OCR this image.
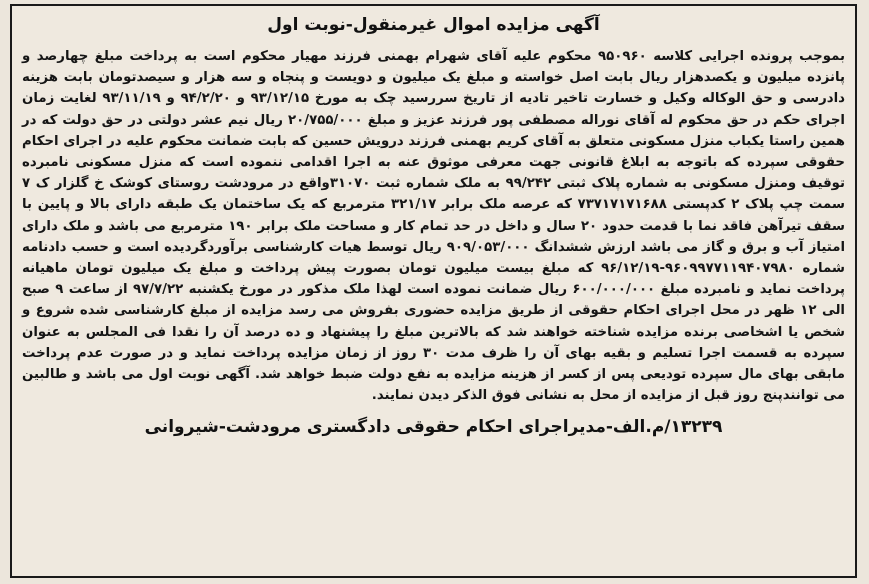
آگهی مزایده اموال غیرمنقول-نوبت اول

بموجب پرونده اجرایی کلاسه ۹۵۰۹۶۰ محکوم علیه آقای شهرام بهمنی فرزند مهیار محکوم است به پرداخت مبلغ چهارصد و پانزده میلیون و یکصدهزار ریال بابت اصل خواسته و مبلغ یک میلیون و دویست و پنجاه و سه هزار و سیصدتومان بابت هزینه دادرسی و حق الوکاله وکیل و خسارت تاخیر تادیه از تاریخ سررسید چک به مورخ ۹۳/۱۲/۱۵ و ۹۴/۲/۲۰ و ۹۳/۱۱/۱۹ لغایت زمان اجرای حکم در حق محکوم له آقای نوراله مصطفی پور فرزند عزیز و مبلغ ۲۰/۷۵۵/۰۰۰ ریال نیم عشر دولتی در حق دولت که در همین راستا یکباب منزل مسکونی متعلق به آقای کریم بهمنی فرزند درویش حسین که بابت ضمانت محکوم علیه در اجرای احکام حقوقی سپرده که باتوجه به ابلاغ قانونی جهت معرفی موثوق عنه به اجرا اقدامی ننموده است که منزل مسکونی نامبرده توقیف ومنزل مسکونی به شماره پلاک ثبتی ۹۹/۲۴۲ به ملک شماره ثبت ۳۱۰۷۰واقع در مرودشت روستای کوشک خ گلزار ک ۷ سمت چپ پلاک ۲ کدپستی ۷۳۷۱۷۱۷۱۶۸۸ که عرصه ملک برابر ۳۲۱/۱۷ مترمربع که یک ساختمان یک طبقه دارای بالا و پایین با سقف تیرآهن فاقد نما با قدمت حدود ۲۰ سال و داخل در حد تمام کار و مساحت ملک برابر ۱۹۰ مترمربع می باشد و ملک دارای امتیاز آب و برق و گاز می باشد ارزش ششدانگ ۹۰۹/۰۵۳/۰۰۰ ریال توسط هیات کارشناسی برآوردگردیده است و حسب دادنامه شماره ۹۶۰۹۹۷۷۱۱۹۴۰۷۹۸۰-۹۶/۱۲/۱۹ که مبلغ بیست میلیون تومان بصورت پیش پرداخت و مبلغ یک میلیون تومان ماهیانه پرداخت نماید و نامبرده مبلغ ۶۰۰/۰۰۰/۰۰۰ ریال ضمانت نموده است لهذا ملک مذکور در مورخ یکشنبه ۹۷/۷/۲۲ از ساعت ۹ صبح الی ۱۲ ظهر در محل اجرای احکام حقوقی از طریق مزایده حضوری بفروش می رسد مزایده از مبلغ کارشناسی شده شروع و شخص یا اشخاصی برنده مزایده شناخته خواهند شد که بالاترین مبلغ را پیشنهاد و ده درصد آن را نقدا فی المجلس به عنوان سپرده به قسمت اجرا تسلیم و بقیه بهای آن را ظرف مدت ۳۰ روز از زمان مزایده پرداخت نماید و در صورت عدم پرداخت مابقی بهای مال سپرده تودیعی پس از کسر از هزینه مزایده به نفع دولت ضبط خواهد شد. آگهی نوبت اول می باشد و طالبین می توانندپنج روز قبل از مزایده از محل به نشانی فوق الذکر دیدن نمایند.

۱۳۲۳۹/م.الف-مدیراجرای احکام حقوقی دادگستری مرودشت-شیروانی
